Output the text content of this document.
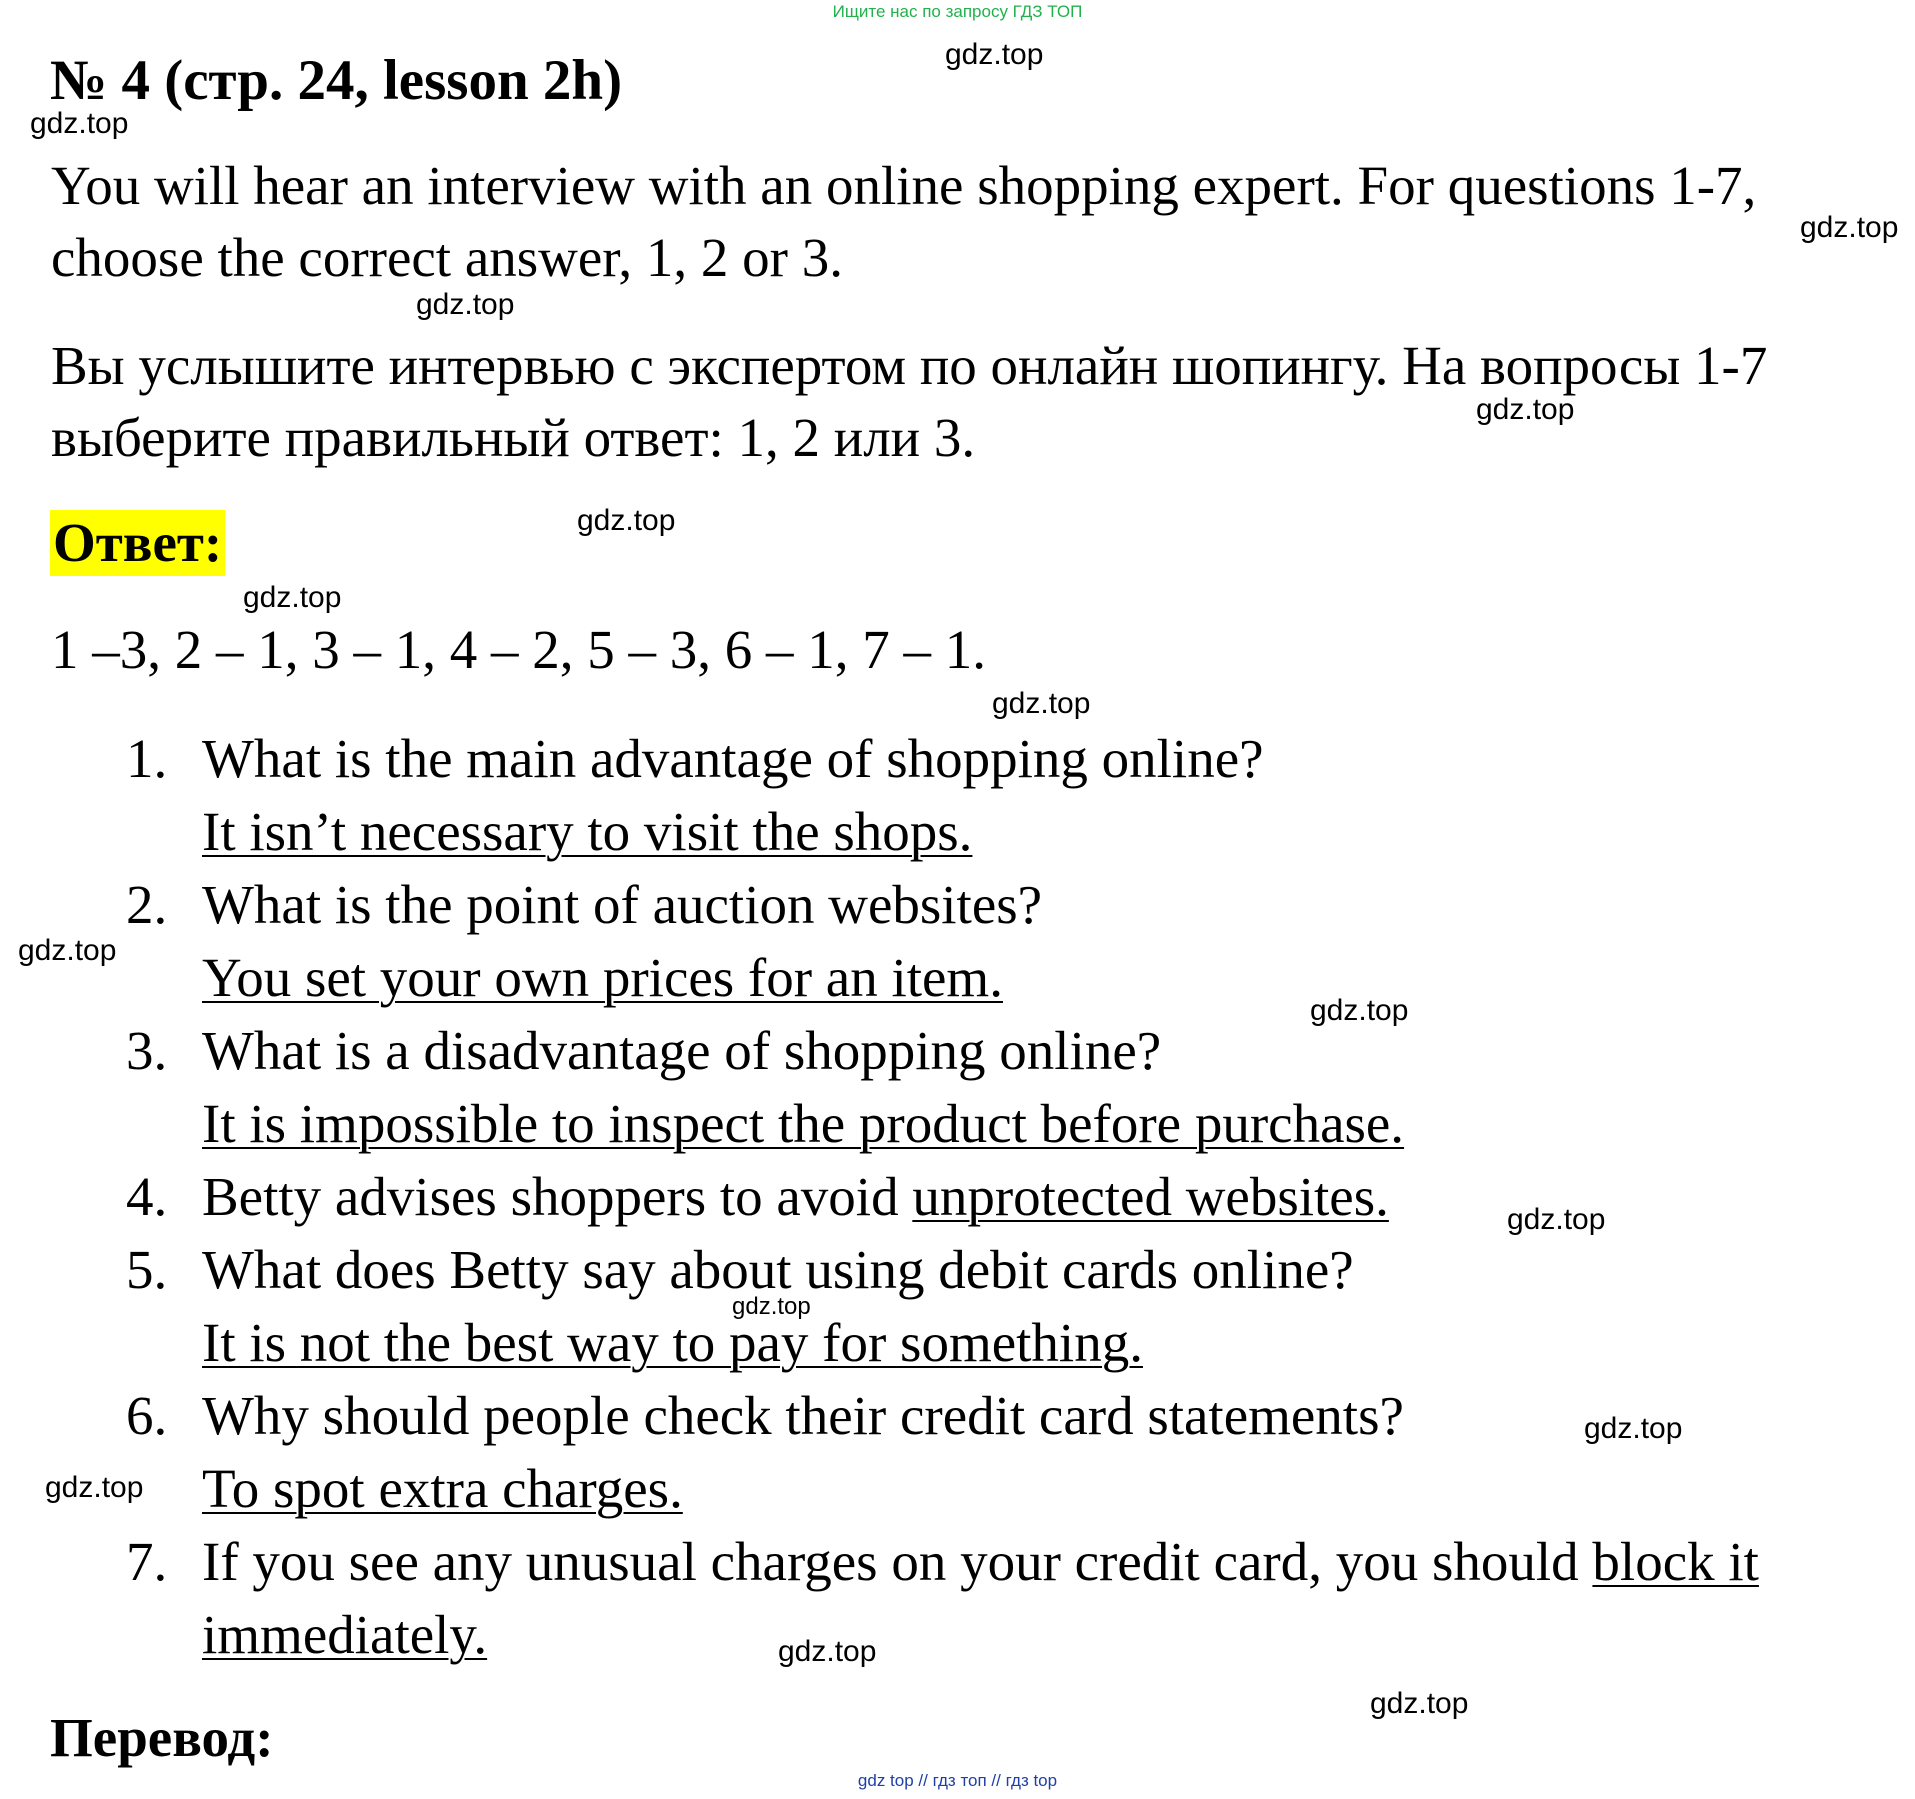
Ищите нас по запросу ГДЗ ТОП
№ 4 (стр. 24, lesson 2h)
You will hear an interview with an online shopping expert. For questions 1-7, choose the correct answer, 1, 2 or 3.
Вы услышите интервью с экспертом по онлайн шопингу. На вопросы 1-7 выберите правильный ответ: 1, 2 или 3.
Ответ:
1 –3, 2 – 1, 3 – 1, 4 – 2, 5 – 3, 6 – 1, 7 – 1.
1. What is the main advantage of shopping online?
It isn’t necessary to visit the shops.
2. What is the point of auction websites?
You set your own prices for an item.
3. What is a disadvantage of shopping online?
It is impossible to inspect the product before purchase.
4. Betty advises shoppers to avoid unprotected websites.
5. What does Betty say about using debit cards online?
It is not the best way to pay for something.
6. Why should people check their credit card statements?
To spot extra charges.
7. If you see any unusual charges on your credit card, you should block it immediately.
Перевод:
gdz.top
gdz.top
gdz.top
gdz.top
gdz.top
gdz.top
gdz.top
gdz.top
gdz.top
gdz.top
gdz.top
gdz.top
gdz.top
gdz.top
gdz.top
gdz.top
gdz top // гдз топ // гдз top
